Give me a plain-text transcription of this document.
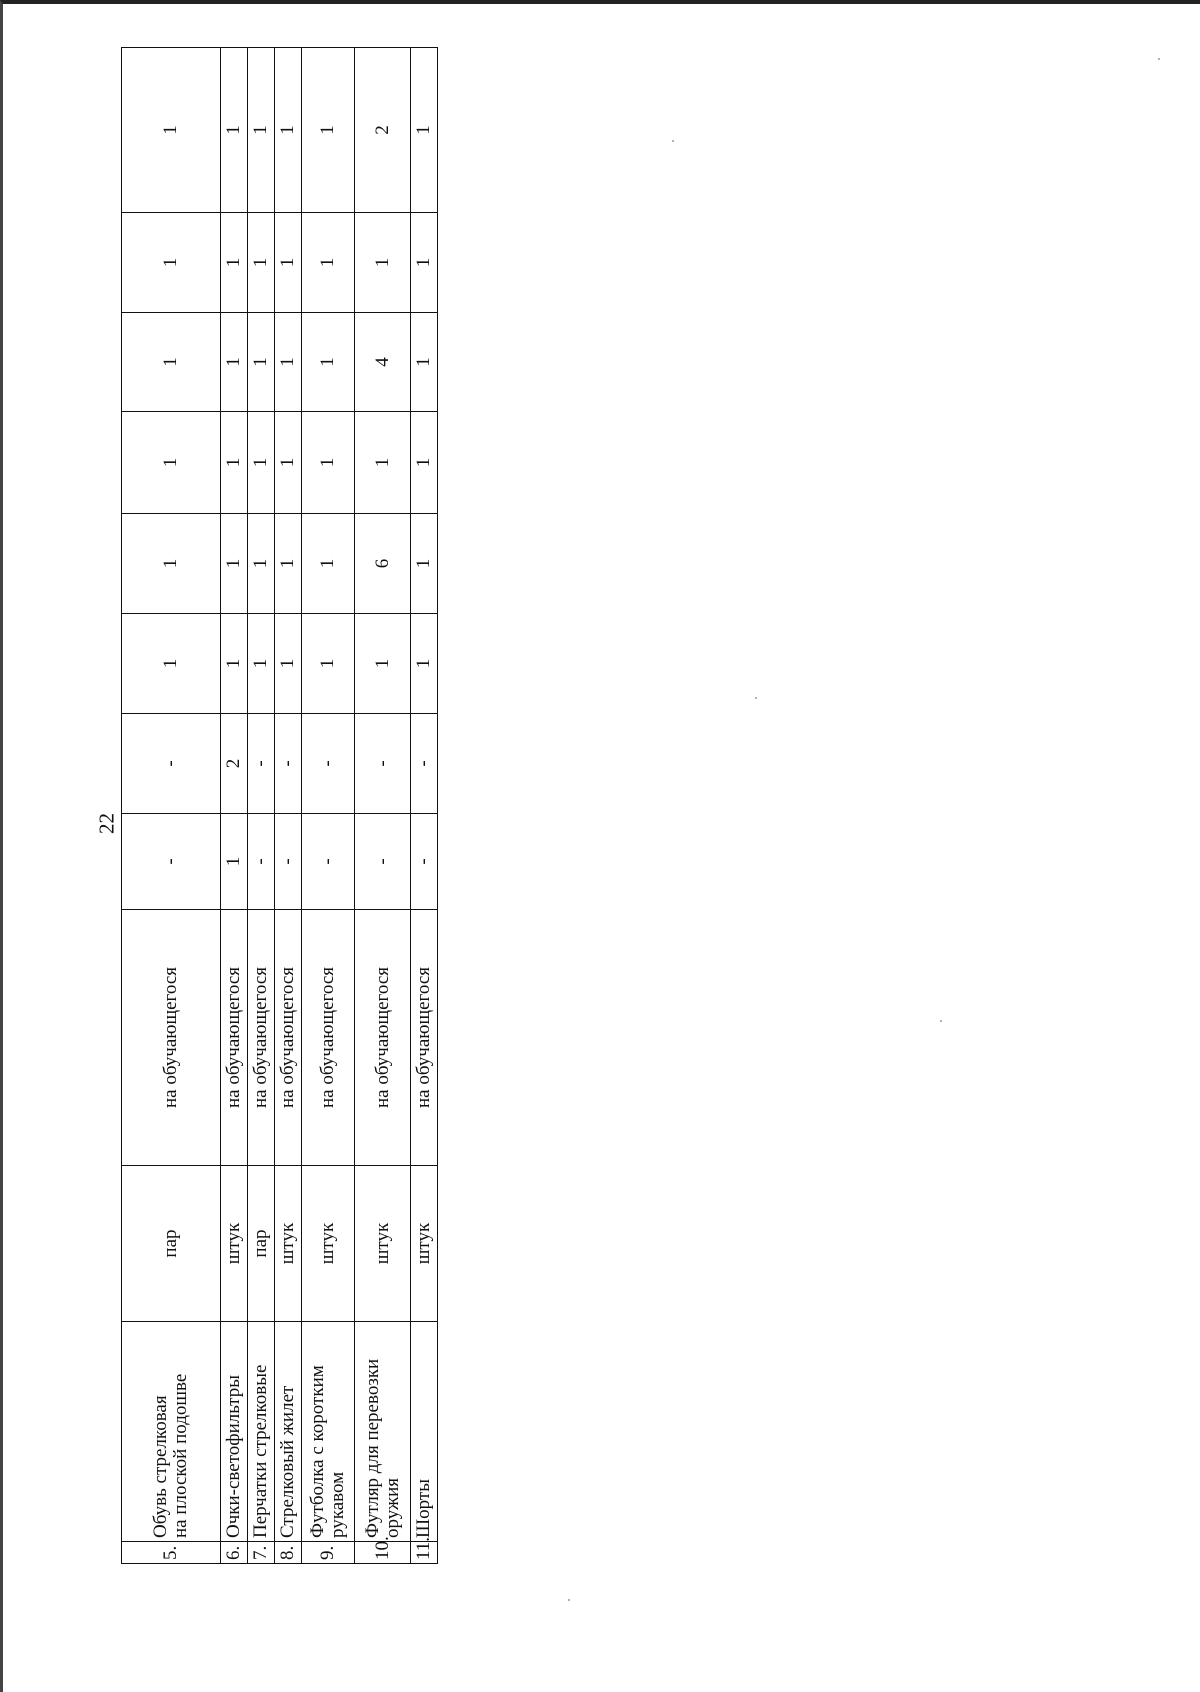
22
5.	Обувь стрелковая
на плоской подошве	пар	на обучающегося	-	-	1	1	1	1	1	1
6.	Очки-светофильтры	штук	на обучающегося	1	2	1	1	1	1	1	1
7.	Перчатки стрелковые	пар	на обучающегося	-	-	1	1	1	1	1	1
8.	Стрелковый жилет	штук	на обучающегося	-	-	1	1	1	1	1	1
9.	Футболка с коротким
рукавом	штук	на обучающегося	-	-	1	1	1	1	1	1
10.	Футляр для перевозки
оружия	штук	на обучающегося	-	-	1	6	1	4	1	2
11.	Шорты	штук	на обучающегося	-	-	1	1	1	1	1	1
